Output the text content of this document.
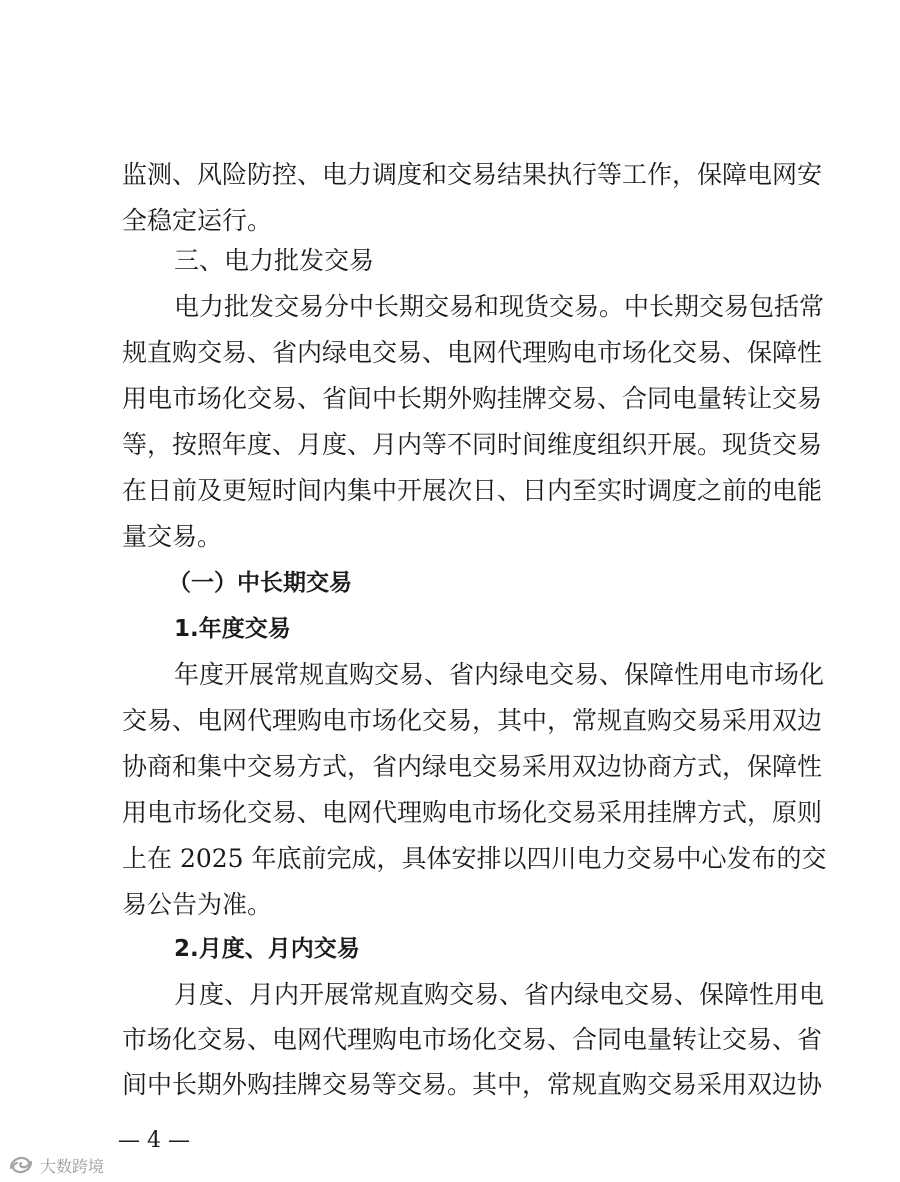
监测、风险防控、电力调度和交易结果执行等工作，保障电网安
全稳定运行。
三、电力批发交易
电力批发交易分中长期交易和现货交易。中长期交易包括常
规直购交易、省内绿电交易、电网代理购电市场化交易、保障性
用电市场化交易、省间中长期外购挂牌交易、合同电量转让交易
等，按照年度、月度、月内等不同时间维度组织开展。现货交易
在日前及更短时间内集中开展次日、日内至实时调度之前的电能
量交易。
（一）中长期交易
1.年度交易
年度开展常规直购交易、省内绿电交易、保障性用电市场化
交易、电网代理购电市场化交易，其中，常规直购交易采用双边
协商和集中交易方式，省内绿电交易采用双边协商方式，保障性
用电市场化交易、电网代理购电市场化交易采用挂牌方式，原则
上在 2025 年底前完成，具体安排以四川电力交易中心发布的交
易公告为准。
2.月度、月内交易
月度、月内开展常规直购交易、省内绿电交易、保障性用电
市场化交易、电网代理购电市场化交易、合同电量转让交易、省
间中长期外购挂牌交易等交易。其中，常规直购交易采用双边协
大数跨境
— 4 —
